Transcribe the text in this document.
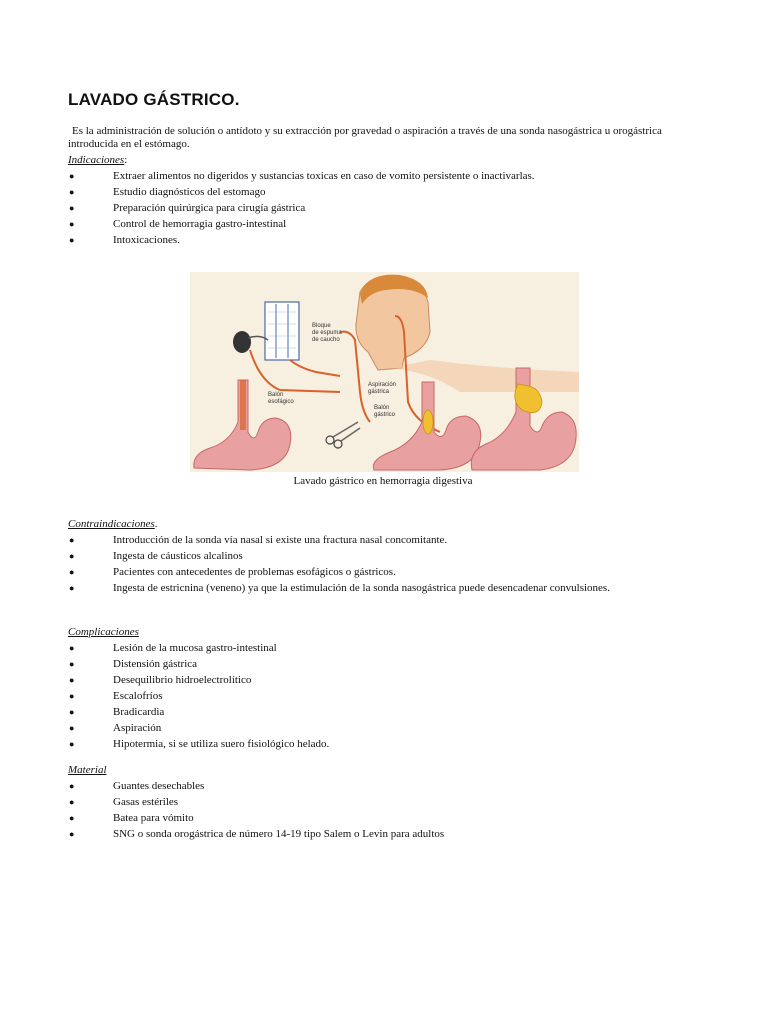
LAVADO GÁSTRICO.
Es la administración de solución o antídoto y su extracción por gravedad o aspiración a través de una sonda nasogástrica u orogástrica introducida en el estómago.
Indicaciones:
●	Extraer alimentos no digeridos y sustancias toxicas en caso de vomito persistente o inactivarlas.
●	Estudio diagnósticos del estomago
●	Preparación quirúrgica para cirugía gástrica
●	Control de hemorragia gastro-intestinal
●	Intoxicaciones.
Bloque
de espuma
de caucho
Balón
esofágico
Aspiración
gástrica
Balón
gástrico
Lavado gástrico en hemorragia digestiva
Contraindicaciones.
●	Introducción de la sonda vía nasal si existe una fractura nasal concomitante.
●	Ingesta de cáusticos alcalinos
●	Pacientes con antecedentes de problemas esofágicos o gástricos.
●	Ingesta de estricnina (veneno) ya que la estimulación de la sonda nasogástrica puede desencadenar convulsiones.
Complicaciones
●	Lesión de la mucosa gastro-intestinal
●	Distensión gástrica
●	Desequilibrio hidroelectrolítico
●	Escalofríos
●	Bradicardia
●	Aspiración
●	Hipotermia, si se utiliza suero fisiológico helado.
Material
●	Guantes desechables
●	Gasas estériles
●	Batea para vómito
●	SNG o sonda orogástrica de número 14-19 tipo Salem o Levin para adultos
